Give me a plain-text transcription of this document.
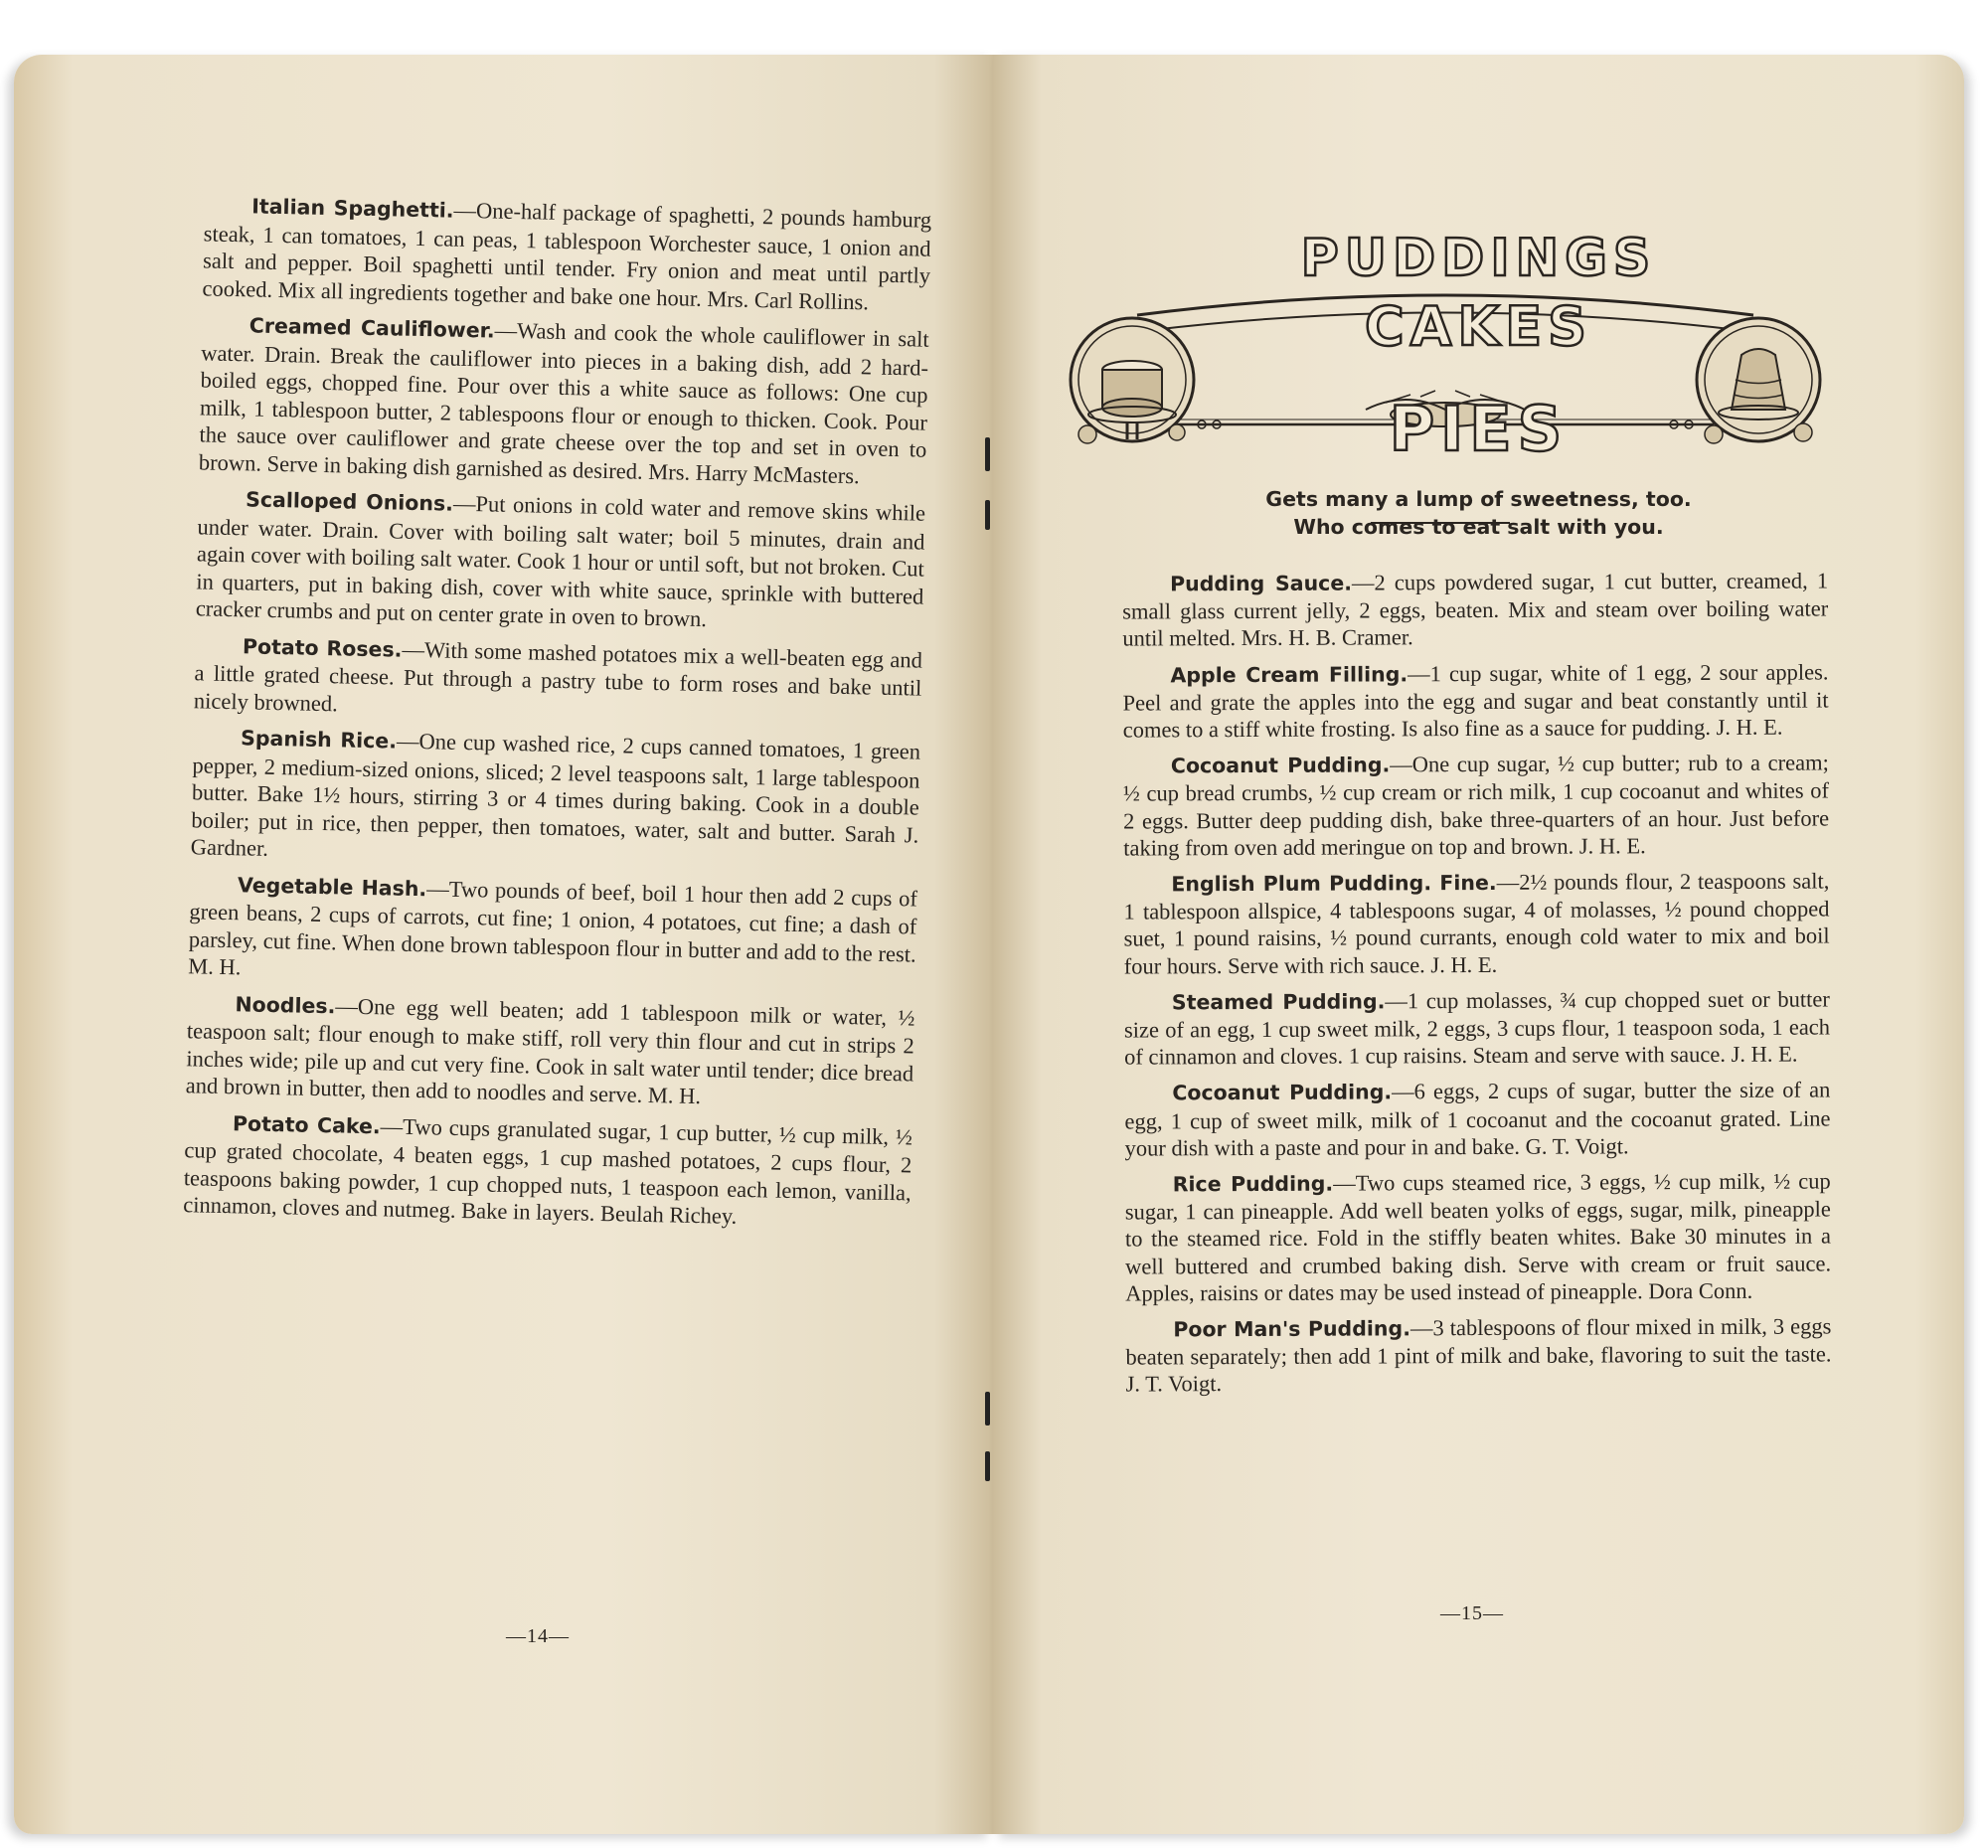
Italian Spaghetti.—One-half package of spaghetti, 2 pounds hamburg steak, 1 can tomatoes, 1 can peas, 1 tablespoon Worchester sauce, 1 onion and salt and pepper. Boil spaghetti until tender. Fry onion and meat until partly cooked. Mix all ingredients together and bake one hour. Mrs. Carl Rollins.

Creamed Cauliflower.—Wash and cook the whole cauliflower in salt water. Drain. Break the cauliflower into pieces in a baking dish, add 2 hard-boiled eggs, chopped fine. Pour over this a white sauce as follows: One cup milk, 1 tablespoon butter, 2 tablespoons flour or enough to thicken. Cook. Pour the sauce over cauliflower and grate cheese over the top and set in oven to brown. Serve in baking dish garnished as desired. Mrs. Harry McMasters.

Scalloped Onions.—Put onions in cold water and remove skins while under water. Drain. Cover with boiling salt water; boil 5 minutes, drain and again cover with boiling salt water. Cook 1 hour or until soft, but not broken. Cut in quarters, put in baking dish, cover with white sauce, sprinkle with buttered cracker crumbs and put on center grate in oven to brown.

Potato Roses.—With some mashed potatoes mix a well-beaten egg and a little grated cheese. Put through a pastry tube to form roses and bake until nicely browned.

Spanish Rice.—One cup washed rice, 2 cups canned tomatoes, 1 green pepper, 2 medium-sized onions, sliced; 2 level teaspoons salt, 1 large tablespoon butter. Bake 1½ hours, stirring 3 or 4 times during baking. Cook in a double boiler; put in rice, then pepper, then tomatoes, water, salt and butter. Sarah J. Gardner.

Vegetable Hash.—Two pounds of beef, boil 1 hour then add 2 cups of green beans, 2 cups of carrots, cut fine; 1 onion, 4 potatoes, cut fine; a dash of parsley, cut fine. When done brown tablespoon flour in butter and add to the rest. M. H.

Noodles.—One egg well beaten; add 1 tablespoon milk or water, ½ teaspoon salt; flour enough to make stiff, roll very thin flour and cut in strips 2 inches wide; pile up and cut very fine. Cook in salt water until tender; dice bread and brown in butter, then add to noodles and serve. M. H.

Potato Cake.—Two cups granulated sugar, 1 cup butter, ½ cup milk, ½ cup grated chocolate, 4 beaten eggs, 1 cup mashed potatoes, 2 cups flour, 2 teaspoons baking powder, 1 cup chopped nuts, 1 teaspoon each lemon, vanilla, cinnamon, cloves and nutmeg. Bake in layers. Beulah Richey.

—14—
PUDDINGS
CAKES
PIES
Gets many a lump of sweetness, too.
Who comes to eat salt with you.

Pudding Sauce.—2 cups powdered sugar, 1 cut butter, creamed, 1 small glass current jelly, 2 eggs, beaten. Mix and steam over boiling water until melted. Mrs. H. B. Cramer.

Apple Cream Filling.—1 cup sugar, white of 1 egg, 2 sour apples. Peel and grate the apples into the egg and sugar and beat constantly until it comes to a stiff white frosting. Is also fine as a sauce for pudding. J. H. E.

Cocoanut Pudding.—One cup sugar, ½ cup butter; rub to a cream; ½ cup bread crumbs, ½ cup cream or rich milk, 1 cup cocoanut and whites of 2 eggs. Butter deep pudding dish, bake three-quarters of an hour. Just before taking from oven add meringue on top and brown. J. H. E.

English Plum Pudding. Fine.—2½ pounds flour, 2 teaspoons salt, 1 tablespoon allspice, 4 tablespoons sugar, 4 of molasses, ½ pound chopped suet, 1 pound raisins, ½ pound currants, enough cold water to mix and boil four hours. Serve with rich sauce. J. H. E.

Steamed Pudding.—1 cup molasses, ¾ cup chopped suet or butter size of an egg, 1 cup sweet milk, 2 eggs, 3 cups flour, 1 teaspoon soda, 1 each of cinnamon and cloves. 1 cup raisins. Steam and serve with sauce. J. H. E.

Cocoanut Pudding.—6 eggs, 2 cups of sugar, butter the size of an egg, 1 cup of sweet milk, milk of 1 cocoanut and the cocoanut grated. Line your dish with a paste and pour in and bake. G. T. Voigt.

Rice Pudding.—Two cups steamed rice, 3 eggs, ½ cup milk, ½ cup sugar, 1 can pineapple. Add well beaten yolks of eggs, sugar, milk, pineapple to the steamed rice. Fold in the stiffly beaten whites. Bake 30 minutes in a well buttered and crumbed baking dish. Serve with cream or fruit sauce. Apples, raisins or dates may be used instead of pineapple. Dora Conn.

Poor Man's Pudding.—3 tablespoons of flour mixed in milk, 3 eggs beaten separately; then add 1 pint of milk and bake, flavoring to suit the taste. J. T. Voigt.

—15—
